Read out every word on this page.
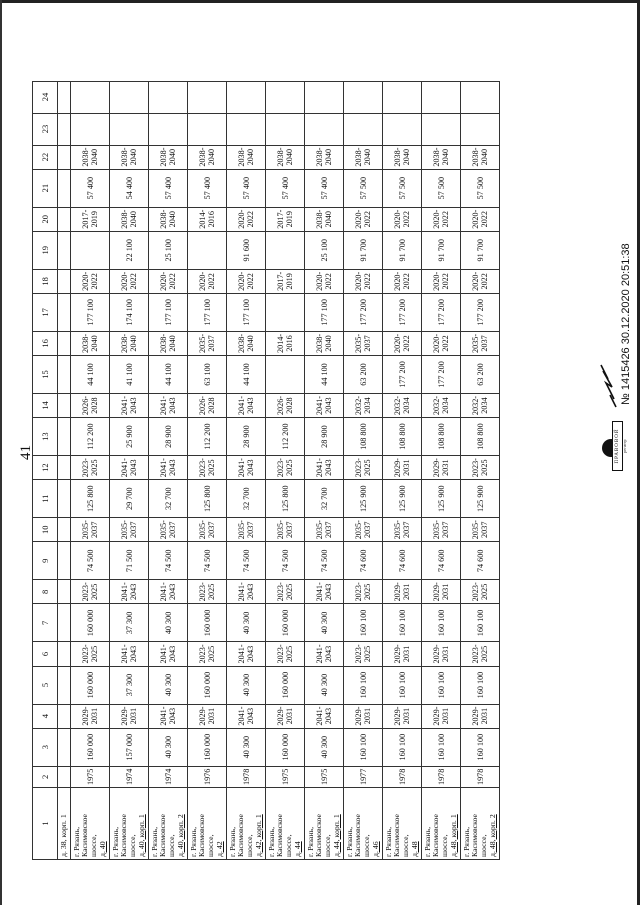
41
1	2	3	4	5	6	7	8	9	10	11	12	13	14	15	16	17	18	19	20	21	22	23	24
д. 38, корп. 1																							
г. Рязань,
Касимовское
шоссе,
д. 40	1975	160 000	2029-2031	160 000	2023-2025	160 000	2023-2025	74 500	2035-2037	125 800	2023-2025	112 200	2026-2028	44 100	2038-2040	177 100	2020-2022		2017-2019	57 400	2038-2040		
г. Рязань,
Касимовское
шоссе,
д. 40, корп. 1	1974	157 000	2029-2031	37 300	2041-2043	37 300	2041-2043	71 500	2035-2037	29 700	2041-2043	25 900	2041-2043	41 100	2038-2040	174 100	2020-2022	22 100	2038-2040	54 400	2038-2040		
г. Рязань,
Касимовское
шоссе,
д. 40, корп. 2	1974	40 300	2041-2043	40 300	2041-2043	40 300	2041-2043	74 500	2035-2037	32 700	2041-2043	28 900	2041-2043	44 100	2038-2040	177 100	2020-2022	25 100	2038-2040	57 400	2038-2040		
г. Рязань,
Касимовское
шоссе,
д. 42	1976	160 000	2029-2031	160 000	2023-2025	160 000	2023-2025	74 500	2035-2037	125 800	2023-2025	112 200	2026-2028	63 100	2035-2037	177 100	2020-2022		2014-2016	57 400	2038-2040		
г. Рязань,
Касимовское
шоссе,
д. 42, корп. 1	1978	40 300	2041-2043	40 300	2041-2043	40 300	2041-2043	74 500	2035-2037	32 700	2041-2043	28 900	2041-2043	44 100	2038-2040	177 100	2020-2022	91 600	2020-2022	57 400	2038-2040		
г. Рязань,
Касимовское
шоссе,
д. 44	1975	160 000	2029-2031	160 000	2023-2025	160 000	2023-2025	74 500	2035-2037	125 800	2023-2025	112 200	2026-2028		2014-2016		2017-2019		2017-2019	57 400	2038-2040		
г. Рязань,
Касимовское
шоссе,
д. 44, корп. 1	1975	40 300	2041-2043	40 300	2041-2043	40 300	2041-2043	74 500	2035-2037	32 700	2041-2043	28 900	2041-2043	44 100	2038-2040	177 100	2020-2022	25 100	2038-2040	57 400	2038-2040		
г. Рязань,
Касимовское
шоссе,
д. 46	1977	160 100	2029-2031	160 100	2023-2025	160 100	2023-2025	74 600	2035-2037	125 900	2023-2025	108 800	2032-2034	63 200	2035-2037	177 200	2020-2022	91 700	2020-2022	57 500	2038-2040		
г. Рязань,
Касимовское
шоссе,
д. 48	1978	160 100	2029-2031	160 100	2029-2031	160 100	2029-2031	74 600	2035-2037	125 900	2029-2031	108 800	2032-2034	177 200	2020-2022	177 200	2020-2022	91 700	2020-2022	57 500	2038-2040		
г. Рязань,
Касимовское
шоссе,
д. 48, корп. 1	1978	160 100	2029-2031	160 100	2029-2031	160 100	2029-2031	74 600	2035-2037	125 900	2029-2031	108 800	2032-2034	177 200	2020-2022	177 200	2020-2022	91 700	2020-2022	57 500	2038-2040		
г. Рязань,
Касимовское
шоссе,
д. 48, корп. 2	1978	160 100	2029-2031	160 100	2023-2025	160 100	2023-2025	74 600	2035-2037	125 900	2023-2025	108 800	2032-2034	63 200	2035-2037	177 200	2020-2022	91 700	2020-2022	57 500	2038-2040		
ПРАВОВОЙ регистр
№ 1415426 30.12.2020 20:51:38
